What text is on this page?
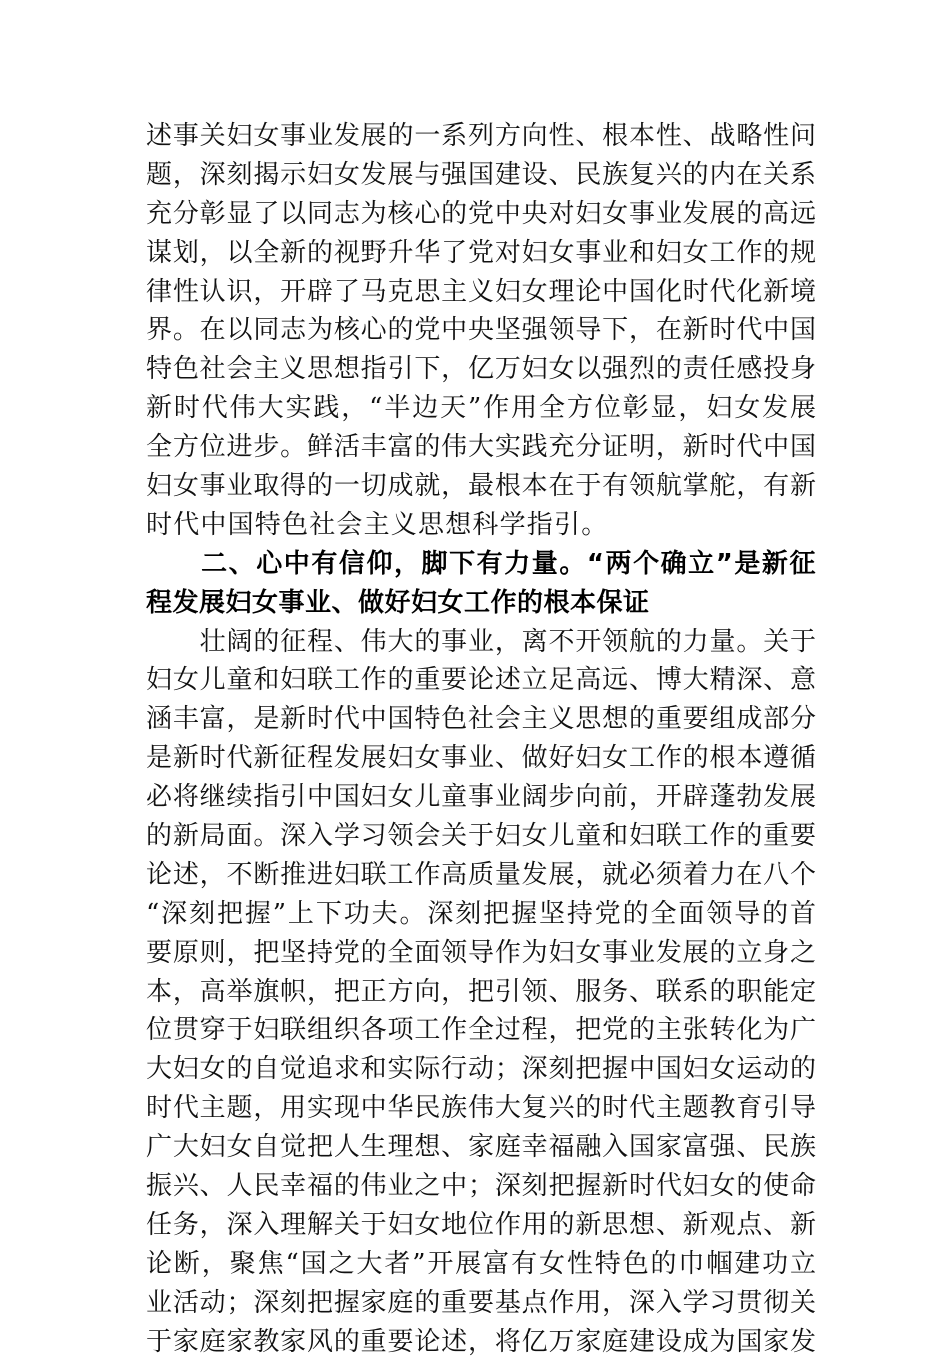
述事关妇女事业发展的一系列方向性、根本性、战略性问
题，深刻揭示妇女发展与强国建设、民族复兴的内在关系
充分彰显了以同志为核心的党中央对妇女事业发展的高远
谋划，以全新的视野升华了党对妇女事业和妇女工作的规
律性认识，开辟了马克思主义妇女理论中国化时代化新境
界。在以同志为核心的党中央坚强领导下，在新时代中国
特色社会主义思想指引下，亿万妇女以强烈的责任感投身
新时代伟大实践，“半边天”作用全方位彰显，妇女发展
全方位进步。鲜活丰富的伟大实践充分证明，新时代中国
妇女事业取得的一切成就，最根本在于有领航掌舵，有新
时代中国特色社会主义思想科学指引。
　　二、心中有信仰，脚下有力量。“两个确立”是新征
程发展妇女事业、做好妇女工作的根本保证
　　壮阔的征程、伟大的事业，离不开领航的力量。关于
妇女儿童和妇联工作的重要论述立足高远、博大精深、意
涵丰富，是新时代中国特色社会主义思想的重要组成部分
是新时代新征程发展妇女事业、做好妇女工作的根本遵循
必将继续指引中国妇女儿童事业阔步向前，开辟蓬勃发展
的新局面。深入学习领会关于妇女儿童和妇联工作的重要
论述，不断推进妇联工作高质量发展，就必须着力在八个
“深刻把握”上下功夫。深刻把握坚持党的全面领导的首
要原则，把坚持党的全面领导作为妇女事业发展的立身之
本，高举旗帜，把正方向，把引领、服务、联系的职能定
位贯穿于妇联组织各项工作全过程，把党的主张转化为广
大妇女的自觉追求和实际行动；深刻把握中国妇女运动的
时代主题，用实现中华民族伟大复兴的时代主题教育引导
广大妇女自觉把人生理想、家庭幸福融入国家富强、民族
振兴、人民幸福的伟业之中；深刻把握新时代妇女的使命
任务，深入理解关于妇女地位作用的新思想、新观点、新
论断，聚焦“国之大者”开展富有女性特色的巾帼建功立
业活动；深刻把握家庭的重要基点作用，深入学习贯彻关
于家庭家教家风的重要论述，将亿万家庭建设成为国家发
